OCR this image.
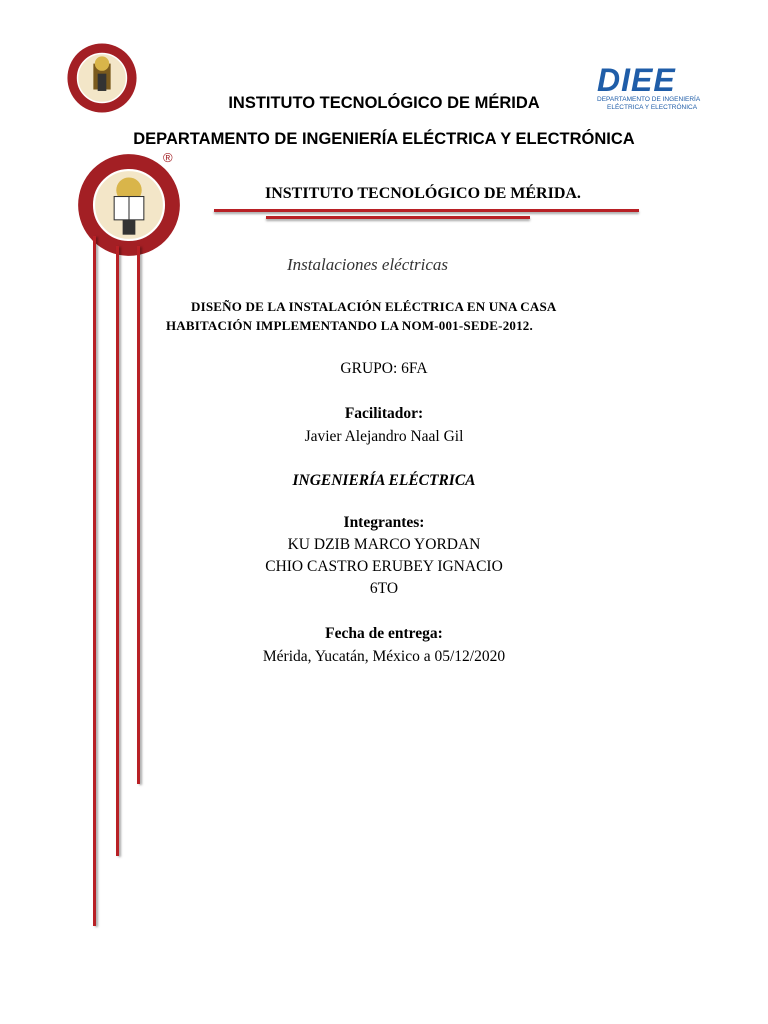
®
DIEE
DEPARTAMENTO DE INGENIERÍA
ELÉCTRICA Y ELECTRÓNICA
INSTITUTO TECNOLÓGICO DE MÉRIDA
DEPARTAMENTO DE INGENIERÍA ELÉCTRICA Y ELECTRÓNICA
INSTITUTO TECNOLÓGICO DE MÉRIDA.
Instalaciones eléctricas
DISEÑO DE LA INSTALACIÓN ELÉCTRICA EN UNA CASA
HABITACIÓN IMPLEMENTANDO LA NOM-001-SEDE-2012.
GRUPO: 6FA
Facilitador:
Javier Alejandro Naal Gil
INGENIERÍA ELÉCTRICA
Integrantes:
KU DZIB MARCO YORDAN
CHIO CASTRO ERUBEY IGNACIO
6TO
Fecha de entrega:
Mérida, Yucatán, México a 05/12/2020
